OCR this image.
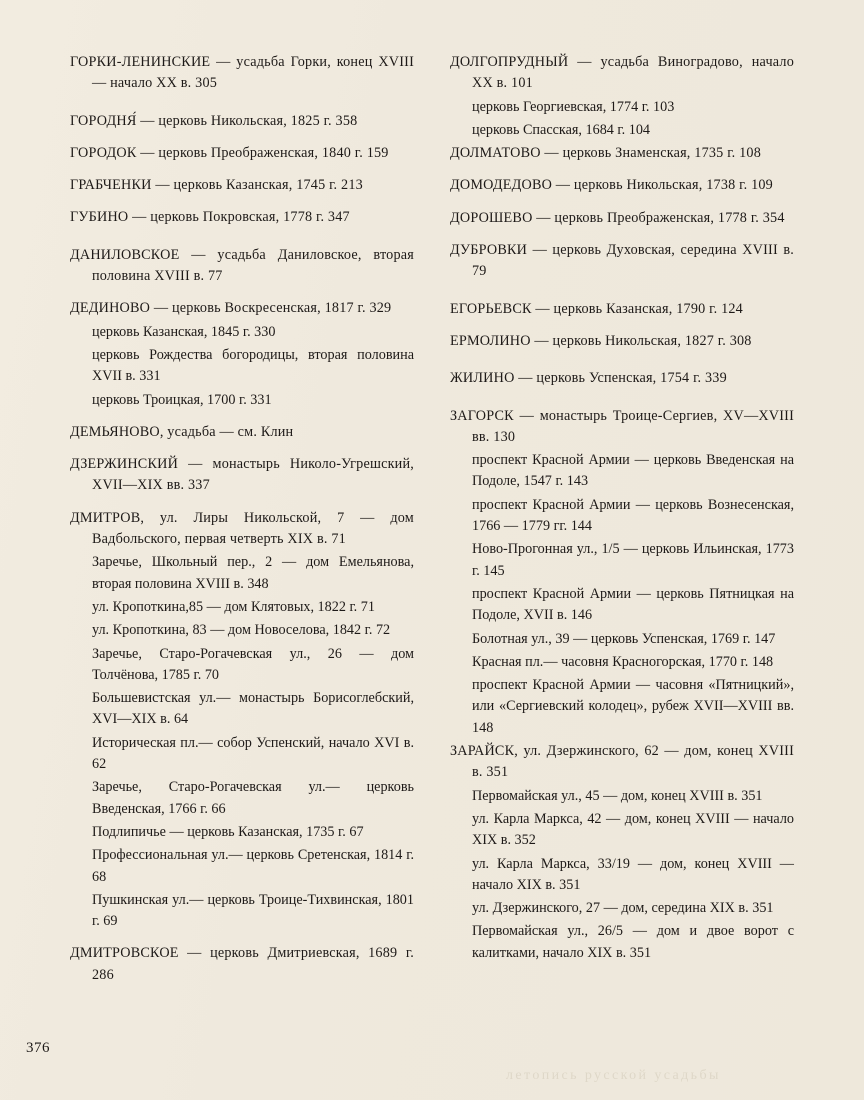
ГОРКИ-ЛЕНИНСКИЕ — усадьба Горки, конец XVIII — начало XX в. 305
ГОРОДНЯ́ — церковь Никольская, 1825 г. 358
ГОРОДОК — церковь Преображенская, 1840 г. 159
ГРАБЧЕНКИ — церковь Казанская, 1745 г. 213
ГУБИНО — церковь Покровская, 1778 г. 347
ДАНИЛОВСКОЕ — усадьба Даниловское, вторая половина XVIII в. 77
ДЕДИНОВО — церковь Воскресенская, 1817 г. 329
церковь Казанская, 1845 г. 330
церковь Рождества богородицы, вторая половина XVII в. 331
церковь Троицкая, 1700 г. 331
ДЕМЬЯНОВО, усадьба — см. Клин
ДЗЕРЖИНСКИЙ — монастырь Николо-Угрешский, XVII—XIX вв. 337
ДМИТРОВ, ул. Лиры Никольской, 7 — дом Вадбольского, первая четверть XIX в. 71
Заречье, Школьный пер., 2 — дом Емельянова, вторая половина XVIII в. 348
ул. Кропоткина,85 — дом Клятовых, 1822 г. 71
ул. Кропоткина, 83 — дом Новоселова, 1842 г. 72
Заречье, Старо-Рогачевская ул., 26 — дом Толчёнова, 1785 г. 70
Большевистская ул.— монастырь Борисоглебский, XVI—XIX в. 64
Историческая пл.— собор Успенский, начало XVI в. 62
Заречье, Старо-Рогачевская ул.— церковь Введенская, 1766 г. 66
Подлипичье — церковь Казанская, 1735 г. 67
Профессиональная ул.— церковь Сретенская, 1814 г. 68
Пушкинская ул.— церковь Троице-Тихвинская, 1801 г. 69
ДМИТРОВСКОЕ — церковь Дмитриевская, 1689 г. 286
ДОЛГОПРУДНЫЙ — усадьба Виноградово, начало XX в. 101
церковь Георгиевская, 1774 г. 103
церковь Спасская, 1684 г. 104
ДОЛМАТОВО — церковь Знаменская, 1735 г. 108
ДОМОДЕДОВО — церковь Никольская, 1738 г. 109
ДОРОШЕВО — церковь Преображенская, 1778 г. 354
ДУБРОВКИ — церковь Духовская, середина XVIII в. 79
ЕГОРЬЕВСК — церковь Казанская, 1790 г. 124
ЕРМОЛИНО — церковь Никольская, 1827 г. 308
ЖИЛИНО — церковь Успенская, 1754 г. 339
ЗАГОРСК — монастырь Троице-Сергиев, XV—XVIII вв. 130
проспект Красной Армии — церковь Введенская на Подоле, 1547 г. 143
проспект Красной Армии — церковь Вознесенская, 1766 — 1779 гг. 144
Ново-Прогонная ул., 1/5 — церковь Ильинская, 1773 г. 145
проспект Красной Армии — церковь Пятницкая на Подоле, XVII в. 146
Болотная ул., 39 — церковь Успенская, 1769 г. 147
Красная пл.— часовня Красногорская, 1770 г. 148
проспект Красной Армии — часовня «Пятницкий», или «Сергиевский колодец», рубеж XVII—XVIII вв. 148
ЗАРАЙСК, ул. Дзержинского, 62 — дом, конец XVIII в. 351
Первомайская ул., 45 — дом, конец XVIII в. 351
ул. Карла Маркса, 42 — дом, конец XVIII — начало XIX в. 352
ул. Карла Маркса, 33/19 — дом, конец XVIII — начало XIX в. 351
ул. Дзержинского, 27 — дом, середина XIX в. 351
Первомайская ул., 26/5 — дом и двое ворот с калитками, начало XIX в. 351
376
летопись русской усадьбы
